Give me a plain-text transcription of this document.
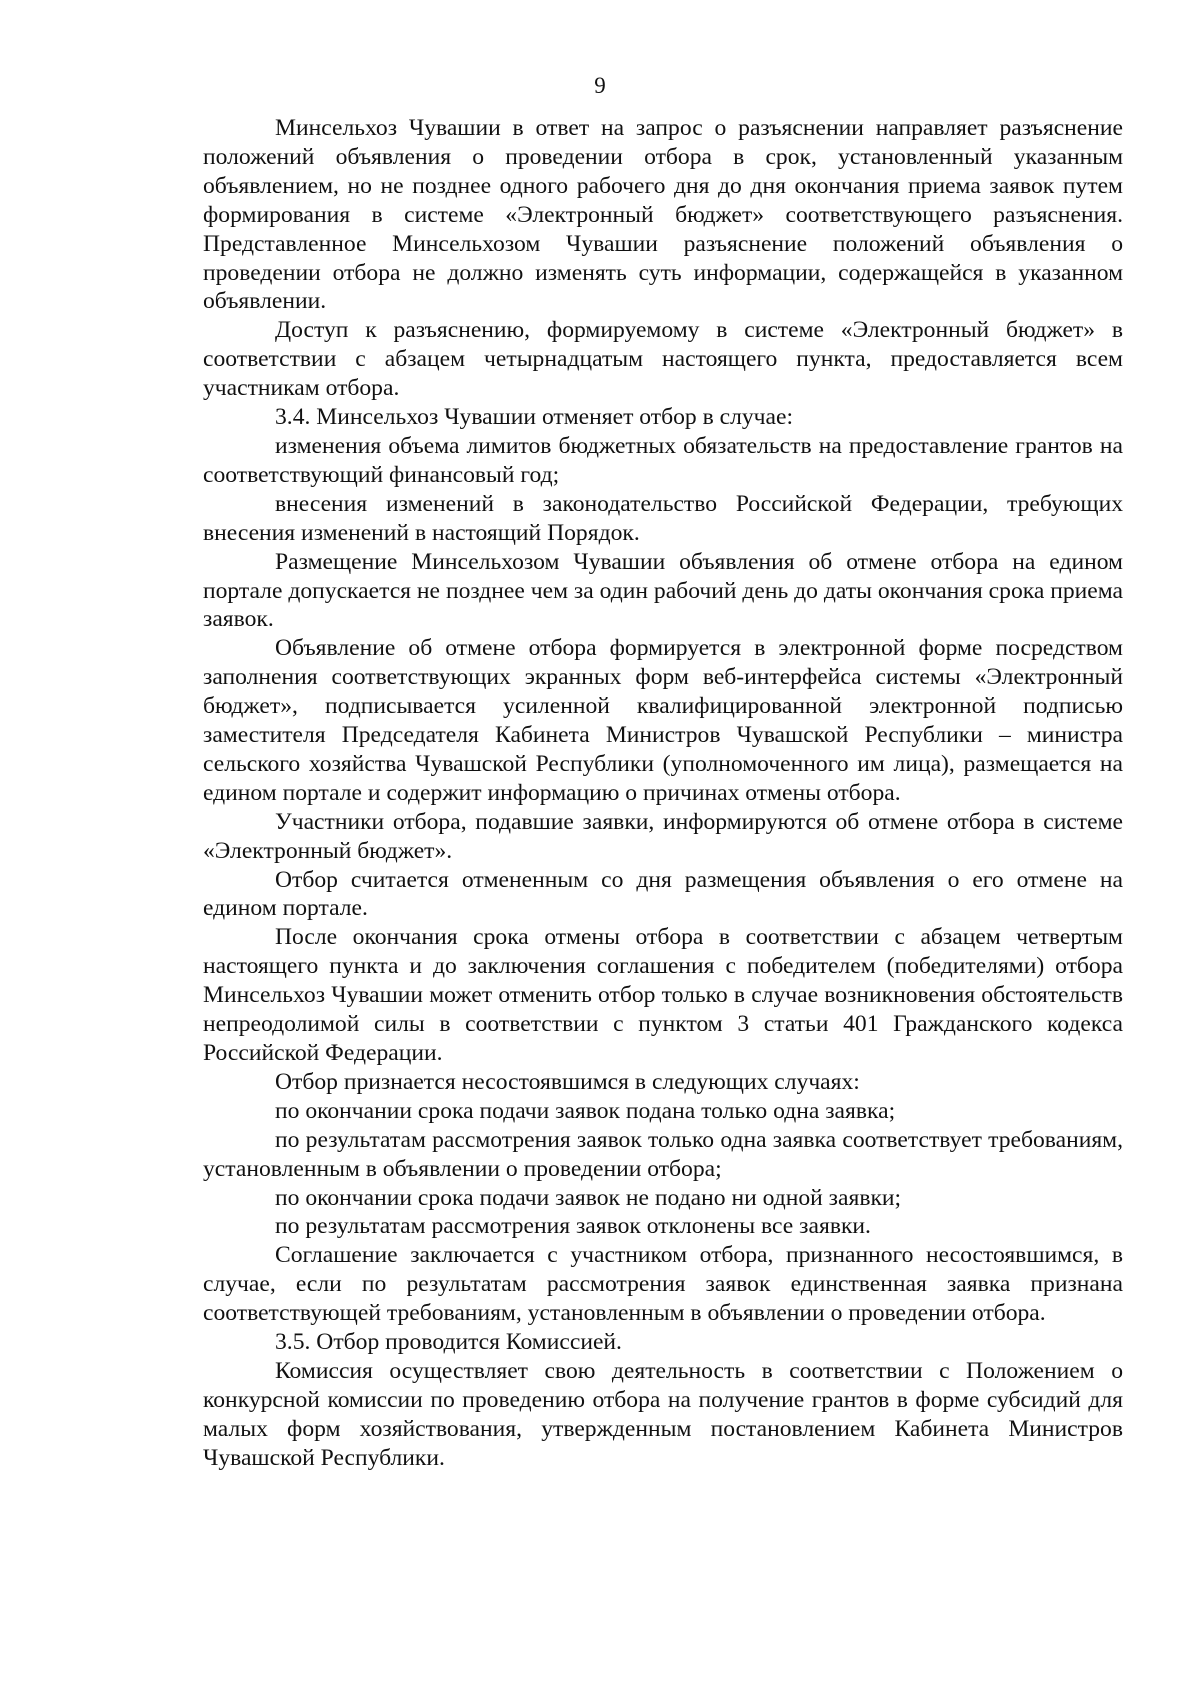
9

Минсельхоз Чувашии в ответ на запрос о разъяснении направляет разъяснение положений объявления о проведении отбора в срок, установленный указанным объявлением, но не позднее одного рабочего дня до дня окончания приема заявок путем формирования в системе «Электронный бюджет» соответствующего разъяснения. Представленное Минсельхозом Чувашии разъяснение положений объявления о проведении отбора не должно изменять суть информации, содержащейся в указанном объявлении.

Доступ к разъяснению, формируемому в системе «Электронный бюджет» в соответствии с абзацем четырнадцатым настоящего пункта, предоставляется всем участникам отбора.

3.4. Минсельхоз Чувашии отменяет отбор в случае:

изменения объема лимитов бюджетных обязательств на предоставление грантов на соответствующий финансовый год;

внесения изменений в законодательство Российской Федерации, требующих внесения изменений в настоящий Порядок.

Размещение Минсельхозом Чувашии объявления об отмене отбора на едином портале допускается не позднее чем за один рабочий день до даты окончания срока приема заявок.

Объявление об отмене отбора формируется в электронной форме посредством заполнения соответствующих экранных форм веб-интерфейса системы «Электронный бюджет», подписывается усиленной квалифицированной электронной подписью заместителя Председателя Кабинета Министров Чувашской Республики – министра сельского хозяйства Чувашской Республики (уполномоченного им лица), размещается на едином портале и содержит информацию о причинах отмены отбора.

Участники отбора, подавшие заявки, информируются об отмене отбора в системе «Электронный бюджет».

Отбор считается отмененным со дня размещения объявления о его отмене на едином портале.

После окончания срока отмены отбора в соответствии с абзацем четвертым настоящего пункта и до заключения соглашения с победителем (победителями) отбора Минсельхоз Чувашии может отменить отбор только в случае возникновения обстоятельств непреодолимой силы в соответствии с пунктом 3 статьи 401 Гражданского кодекса Российской Федерации.

Отбор признается несостоявшимся в следующих случаях:

по окончании срока подачи заявок подана только одна заявка;

по результатам рассмотрения заявок только одна заявка соответствует требованиям, установленным в объявлении о проведении отбора;

по окончании срока подачи заявок не подано ни одной заявки;

по результатам рассмотрения заявок отклонены все заявки.

Соглашение заключается с участником отбора, признанного несостоявшимся, в случае, если по результатам рассмотрения заявок единственная заявка признана соответствующей требованиям, установленным в объявлении о проведении отбора.

3.5. Отбор проводится Комиссией.

Комиссия осуществляет свою деятельность в соответствии с Положением о конкурсной комиссии по проведению отбора на получение грантов в форме субсидий для малых форм хозяйствования, утвержденным постановлением Кабинета Министров Чувашской Республики.
